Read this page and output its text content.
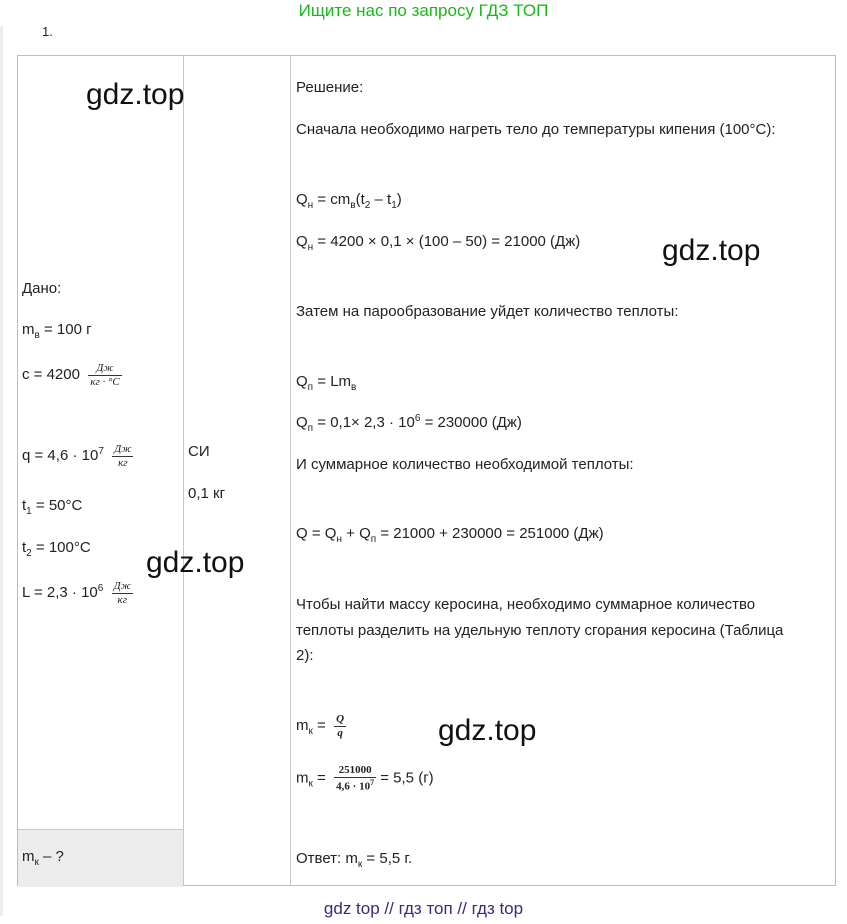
Ищите нас по запросу ГДЗ ТОП
1.
gdz.top
gdz.top
gdz.top
gdz.top
Дано:
$m_в = 100$ г
$c = 4200 \frac{Дж}{кг \cdot ^\circ С}$
$q = 4,6 \cdot 10^7 \frac{Дж}{кг}$
$t_1 = 50^\circ С$
$t_2 = 100^\circ С$
$L = 2,3 \cdot 10^6 \frac{Дж}{кг}$
$m_к$ – ?
СИ
0,1 кг
Решение:
Сначала необходимо нагреть тело до температуры кипения (100°С):
$Q_н = cm_в(t_2 - t_1)$
$Q_н = 4200 \times 0,1 \times (100 - 50) = 21000$ (Дж)
Затем на парообразование уйдет количество теплоты:
$Q_п = Lm_в$
$Q_п = 0,1\times 2,3 \cdot 10^6 = 230000$ (Дж)
И суммарное количество необходимой теплоты:
$Q = Q_н + Q_п = 21000 + 230000 = 251000$ (Дж)
Чтобы найти массу керосина, необходимо суммарное количество
теплоты разделить на удельную теплоту сгорания керосина (Таблица
2):
$m_к = \frac{Q}{q}$
$m_к = \frac{251000}{4,6 \cdot 10^7} = 5,5$ (г)
Ответ: $m_к = 5,5$ г.
gdz top // гдз топ // гдз top
